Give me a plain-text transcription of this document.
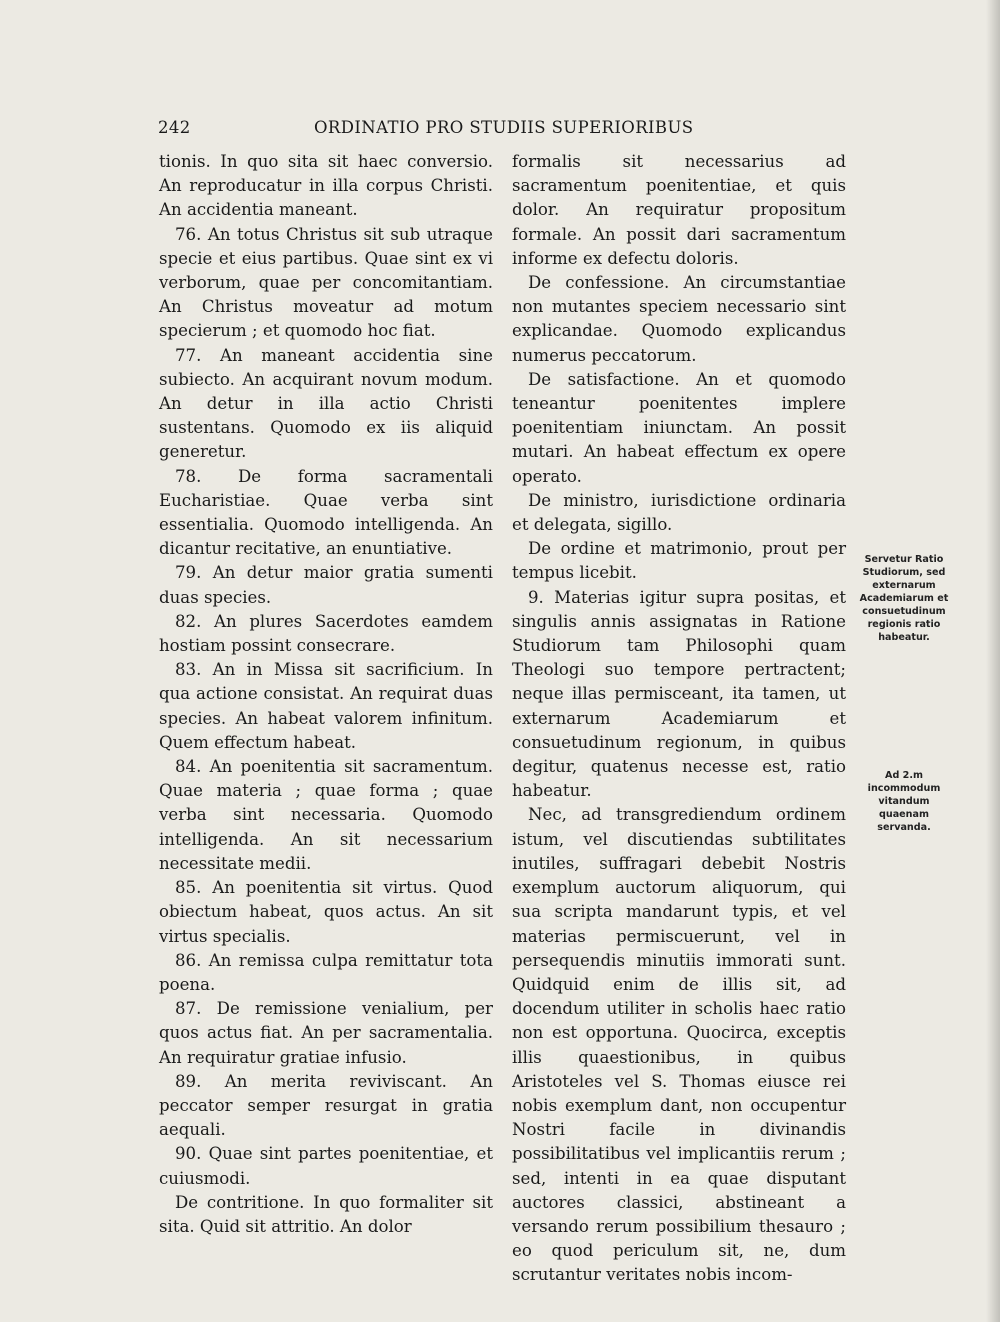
242	ORDINATIO PRO STUDIIS SUPERIORIBUS

tionis. In quo sita sit haec conversio. An reproducatur in illa corpus Christi. An accidentia maneant.

76. An totus Christus sit sub utraque specie et eius partibus. Quae sint ex vi verborum, quae per concomitantiam. An Christus moveatur ad motum specierum ; et quomodo hoc fiat.

77. An maneant accidentia sine subiecto. An acquirant novum modum. An detur in illa actio Christi sustentans. Quomodo ex iis aliquid generetur.

78. De forma sacramentali Eucharistiae. Quae verba sint essentialia. Quomodo intelligenda. An dicantur recitative, an enuntiative.

79. An detur maior gratia sumenti duas species.

82. An plures Sacerdotes eamdem hostiam possint consecrare.

83. An in Missa sit sacrificium. In qua actione consistat. An requirat duas species. An habeat valorem infinitum. Quem effectum habeat.

84. An poenitentia sit sacramentum. Quae materia ; quae forma ; quae verba sint necessaria. Quomodo intelligenda. An sit necessarium necessitate medii.

85. An poenitentia sit virtus. Quod obiectum habeat, quos actus. An sit virtus specialis.

86. An remissa culpa remittatur tota poena.

87. De remissione venialium, per quos actus fiat. An per sacramentalia. An requiratur gratiae infusio.

89. An merita reviviscant. An peccator semper resurgat in gratia aequali.

90. Quae sint partes poenitentiae, et cuiusmodi.

De contritione. In quo formaliter sit sita. Quid sit attritio. An dolor

formalis sit necessarius ad sacramentum poenitentiae, et quis dolor. An requiratur propositum formale. An possit dari sacramentum informe ex defectu doloris.

De confessione. An circumstantiae non mutantes speciem necessario sint explicandae. Quomodo explicandus numerus peccatorum.

De satisfactione. An et quomodo teneantur poenitentes implere poenitentiam iniunctam. An possit mutari. An habeat effectum ex opere operato.

De ministro, iurisdictione ordinaria et delegata, sigillo.

De ordine et matrimonio, prout per tempus licebit.

9. Materias igitur supra positas, et singulis annis assignatas in Ratione Studiorum tam Philosophi quam Theologi suo tempore pertractent; neque illas permisceant, ita tamen, ut externarum Academiarum et consuetudinum regionum, in quibus degitur, quatenus necesse est, ratio habeatur.

Nec, ad transgrediendum ordinem istum, vel discutiendas subtilitates inutiles, suffragari debebit Nostris exemplum auctorum aliquorum, qui sua scripta mandarunt typis, et vel materias permiscuerunt, vel in persequendis minutiis immorati sunt. Quidquid enim de illis sit, ad docendum utiliter in scholis haec ratio non est opportuna. Quocirca, exceptis illis quaestionibus, in quibus Aristoteles vel S. Thomas eiusce rei nobis exemplum dant, non occupentur Nostri facile in divinandis possibilitatibus vel implicantiis rerum ; sed, intenti in ea quae disputant auctores classici, abstineant a versando rerum possibilium thesauro ; eo quod periculum sit, ne, dum scrutantur veritates nobis incom-

Servetur Ratio Studiorum, sed externarum Academiarum et consuetudinum regionis ratio habeatur.
Ad 2.m incommodum vitandum quaenam servanda.
